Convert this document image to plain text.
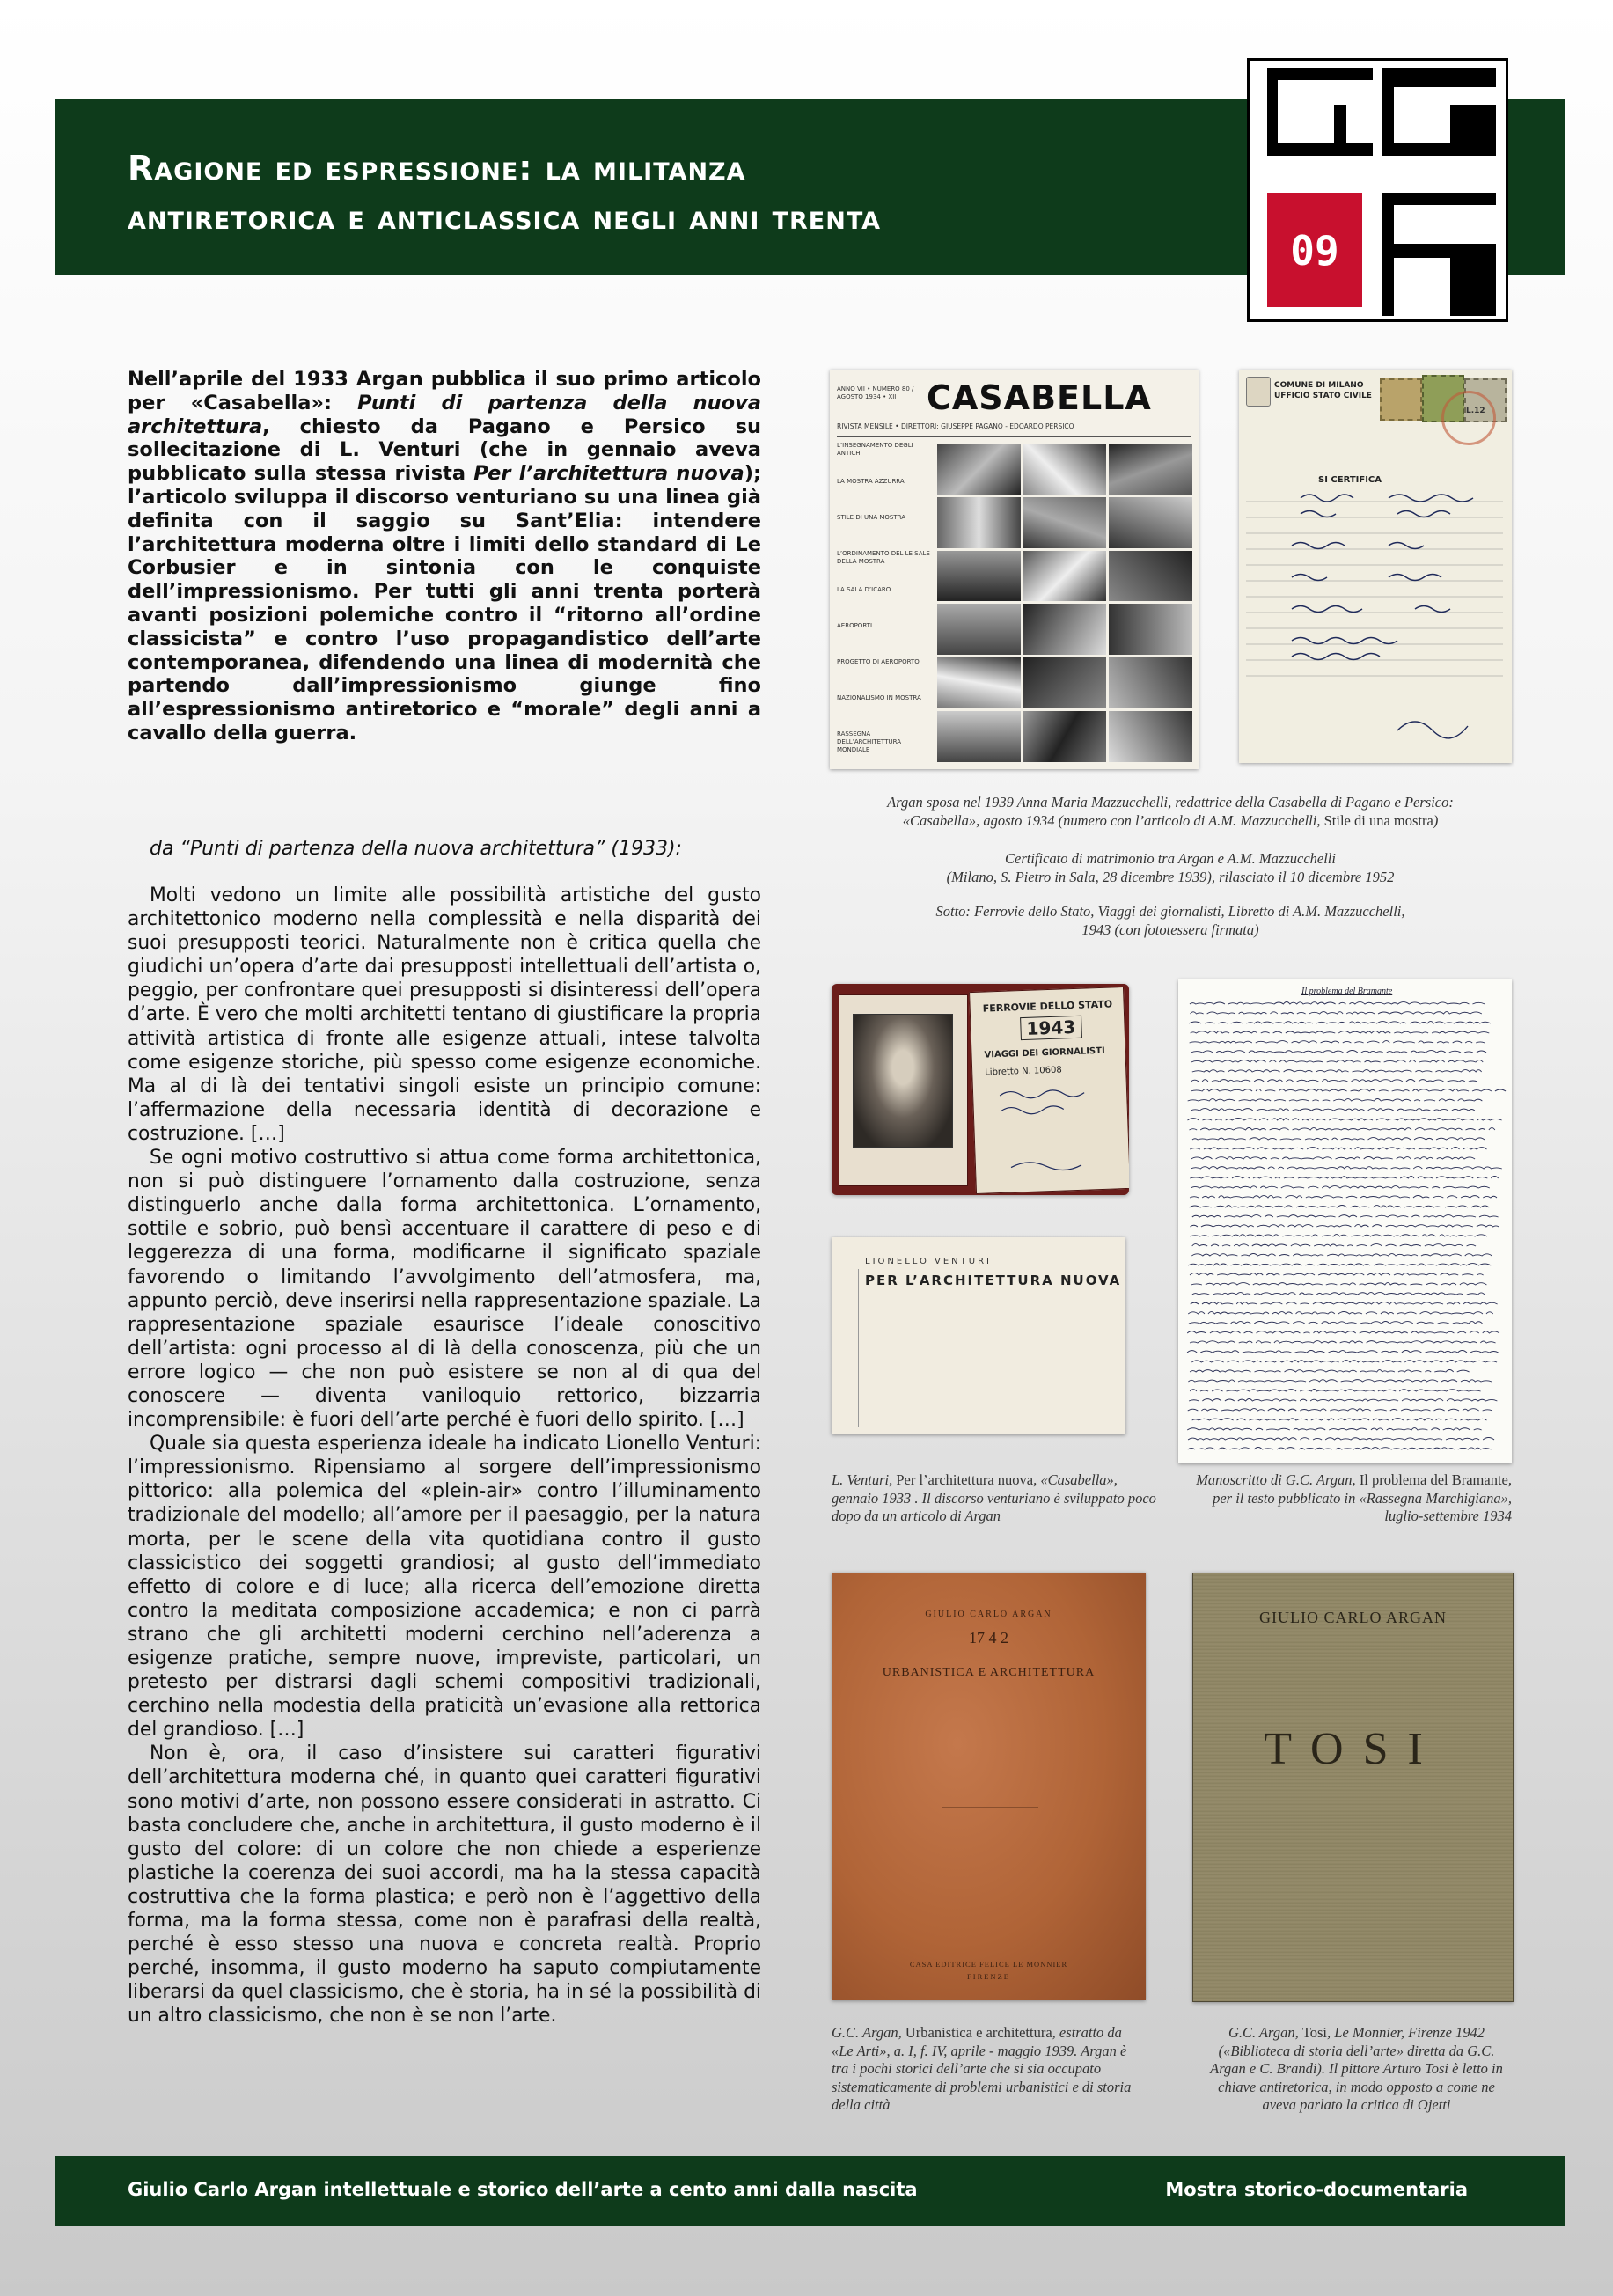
Ragione ed espressione: la militanza
antiretorica e anticlassica negli anni trenta
09

Nell’aprile del 1933 Argan pubblica il suo primo articolo per «Casabella»: Punti di partenza della nuova architettura, chiesto da Pagano e Persico su sollecitazione di L. Venturi (che in gennaio aveva pubblicato sulla stessa rivista Per l’architettura nuova); l’articolo sviluppa il discorso venturiano su una linea già definita con il saggio su Sant’Elia: intendere l’architettura moderna oltre i limiti dello standard di Le Corbusier e in sintonia con le conquiste dell’impressionismo. Per tutti gli anni trenta porterà avanti posizioni polemiche contro il “ritorno all’ordine classicista” e contro l’uso propagandistico dell’arte contemporanea, difendendo una linea di modernità che partendo dall’impressionismo giunge fino all’espressionismo antiretorico e “morale” degli anni a cavallo della guerra.

da “Punti di partenza della nuova architettura” (1933):

Molti vedono un limite alle possibilità artistiche del gusto architettonico moderno nella complessità e nella disparità dei suoi presupposti teorici. Naturalmente non è critica quella che giudichi un’opera d’arte dai presupposti intellettuali dell’artista o, peggio, per confrontare quei presupposti si disinteressi dell’opera d’arte. È vero che molti architetti tentano di giustificare la propria attività artistica di fronte alle esigenze attuali, intese talvolta come esigenze storiche, più spesso come esigenze economiche. Ma al di là dei tentativi singoli esiste un principio comune: l’affermazione della necessaria identità di decorazione e costruzione. […]

Se ogni motivo costruttivo si attua come forma architettonica, non si può distinguere l’ornamento dalla costruzione, senza distinguerlo anche dalla forma architettonica. L’ornamento, sottile e sobrio, può bensì accentuare il carattere di peso e di leggerezza di una forma, modificarne il significato spaziale favorendo o limitando l’avvolgimento dell’atmosfera, ma, appunto perciò, deve inserirsi nella rappresentazione spaziale. La rappresentazione spaziale esaurisce l’ideale conoscitivo dell’artista: ogni processo al di là della conoscenza, più che un errore logico — che non può esistere se non al di qua del conoscere — diventa vaniloquio rettorico, bizzarria incomprensibile: è fuori dell’arte perché è fuori dello spirito. […]

Quale sia questa esperienza ideale ha indicato Lionello Venturi: l’impressionismo. Ripensiamo al sorgere dell’impressionismo pittorico: alla polemica del «plein-air» contro l’illuminamento tradizionale del modello; all’amore per il paesaggio, per la natura morta, per le scene della vita quotidiana contro il gusto classicistico dei soggetti grandiosi; al gusto dell’immediato effetto di colore e di luce; alla ricerca dell’emozione diretta contro la meditata composizione accademica; e non ci parrà strano che gli architetti moderni cerchino nell’aderenza a esigenze pratiche, sempre nuove, impreviste, particolari, un pretesto per distrarsi dagli schemi compositivi tradizionali, cerchino nella modestia della praticità un’evasione alla rettorica del grandioso. […]

Non è, ora, il caso d’insistere sui caratteri figurativi dell’architettura moderna ché, in quanto quei caratteri figurativi sono motivi d’arte, non possono essere considerati in astratto. Ci basta concludere che, anche in architettura, il gusto moderno è il gusto del colore: di un colore che non chiede a esperienze plastiche la coerenza dei suoi accordi, ma ha la stessa capacità costruttiva che la forma plastica; e però non è l’aggettivo della forma, ma la forma stessa, come non è parafrasi della realtà, perché è esso stesso una nuova e concreta realtà. Proprio perché, insomma, il gusto moderno ha saputo compiutamente liberarsi da quel classicismo, che è storia, ha in sé la possibilità di un altro classicismo, che non è se non l’arte.

ANNO VII • NUMERO 80 / AGOSTO 1934 • XII CASABELLA
RIVISTA MENSILE • DIRETTORI: GIUSEPPE PAGANO - EDOARDO PERSICO
L’INSEGNAMENTO DEGLI ANTICHI
LA MOSTRA AZZURRA
STILE DI UNA MOSTRA
L’ORDINAMENTO DEL LE SALE DELLA MOSTRA
LA SALA D’ICARO
AEROPORTI
PROGETTO DI AEROPORTO
NAZIONALISMO IN MOSTRA
RASSEGNA DELL’ARCHITETTURA MONDIALE
COMUNE DI MILANO
UFFICIO STATO CIVILE
L.12
SI CERTIFICA

Argan sposa nel 1939 Anna Maria Mazzucchelli, redattrice della Casabella di Pagano e Persico:
«Casabella», agosto 1934 (numero con l’articolo di A.M. Mazzucchelli, Stile di una mostra)

Certificato di matrimonio tra Argan e A.M. Mazzucchelli
(Milano, S. Pietro in Sala, 28 dicembre 1939), rilasciato il 10 dicembre 1952

Sotto: Ferrovie dello Stato, Viaggi dei giornalisti, Libretto di A.M. Mazzucchelli,
1943 (con fototessera firmata)

FERROVIE DELLO STATO
1943
VIAGGI DEI GIORNALISTI
Libretto N. 10608
LIONELLO VENTURI
PER L’ARCHITETTURA NUOVA
Il problema del Bramante

L. Venturi, Per l’architettura nuova, «Casabella», gennaio 1933 . Il discorso venturiano è sviluppato poco dopo da un articolo di Argan

Manoscritto di G.C. Argan, Il problema del Bramante, per il testo pubblicato in «Rassegna Marchigiana», luglio-settembre 1934

GIULIO CARLO ARGAN
17 4 2
URBANISTICA E ARCHITETTURA
CASA EDITRICE FELICE LE MONNIER
FIRENZE
GIULIO CARLO ARGAN
TOSI

G.C. Argan, Urbanistica e architettura, estratto da «Le Arti», a. I, f. IV, aprile - maggio 1939. Argan è tra i pochi storici dell’arte che si sia occupato sistematicamente di problemi urbanistici e di storia della città

G.C. Argan, Tosi, Le Monnier, Firenze 1942 («Biblioteca di storia dell’arte» diretta da G.C. Argan e C. Brandi). Il pittore Arturo Tosi è letto in chiave antiretorica, in modo opposto a come ne aveva parlato la critica di Ojetti

Giulio Carlo Argan intellettuale e storico dell’arte a cento anni dalla nascita	Mostra storico-documentaria
